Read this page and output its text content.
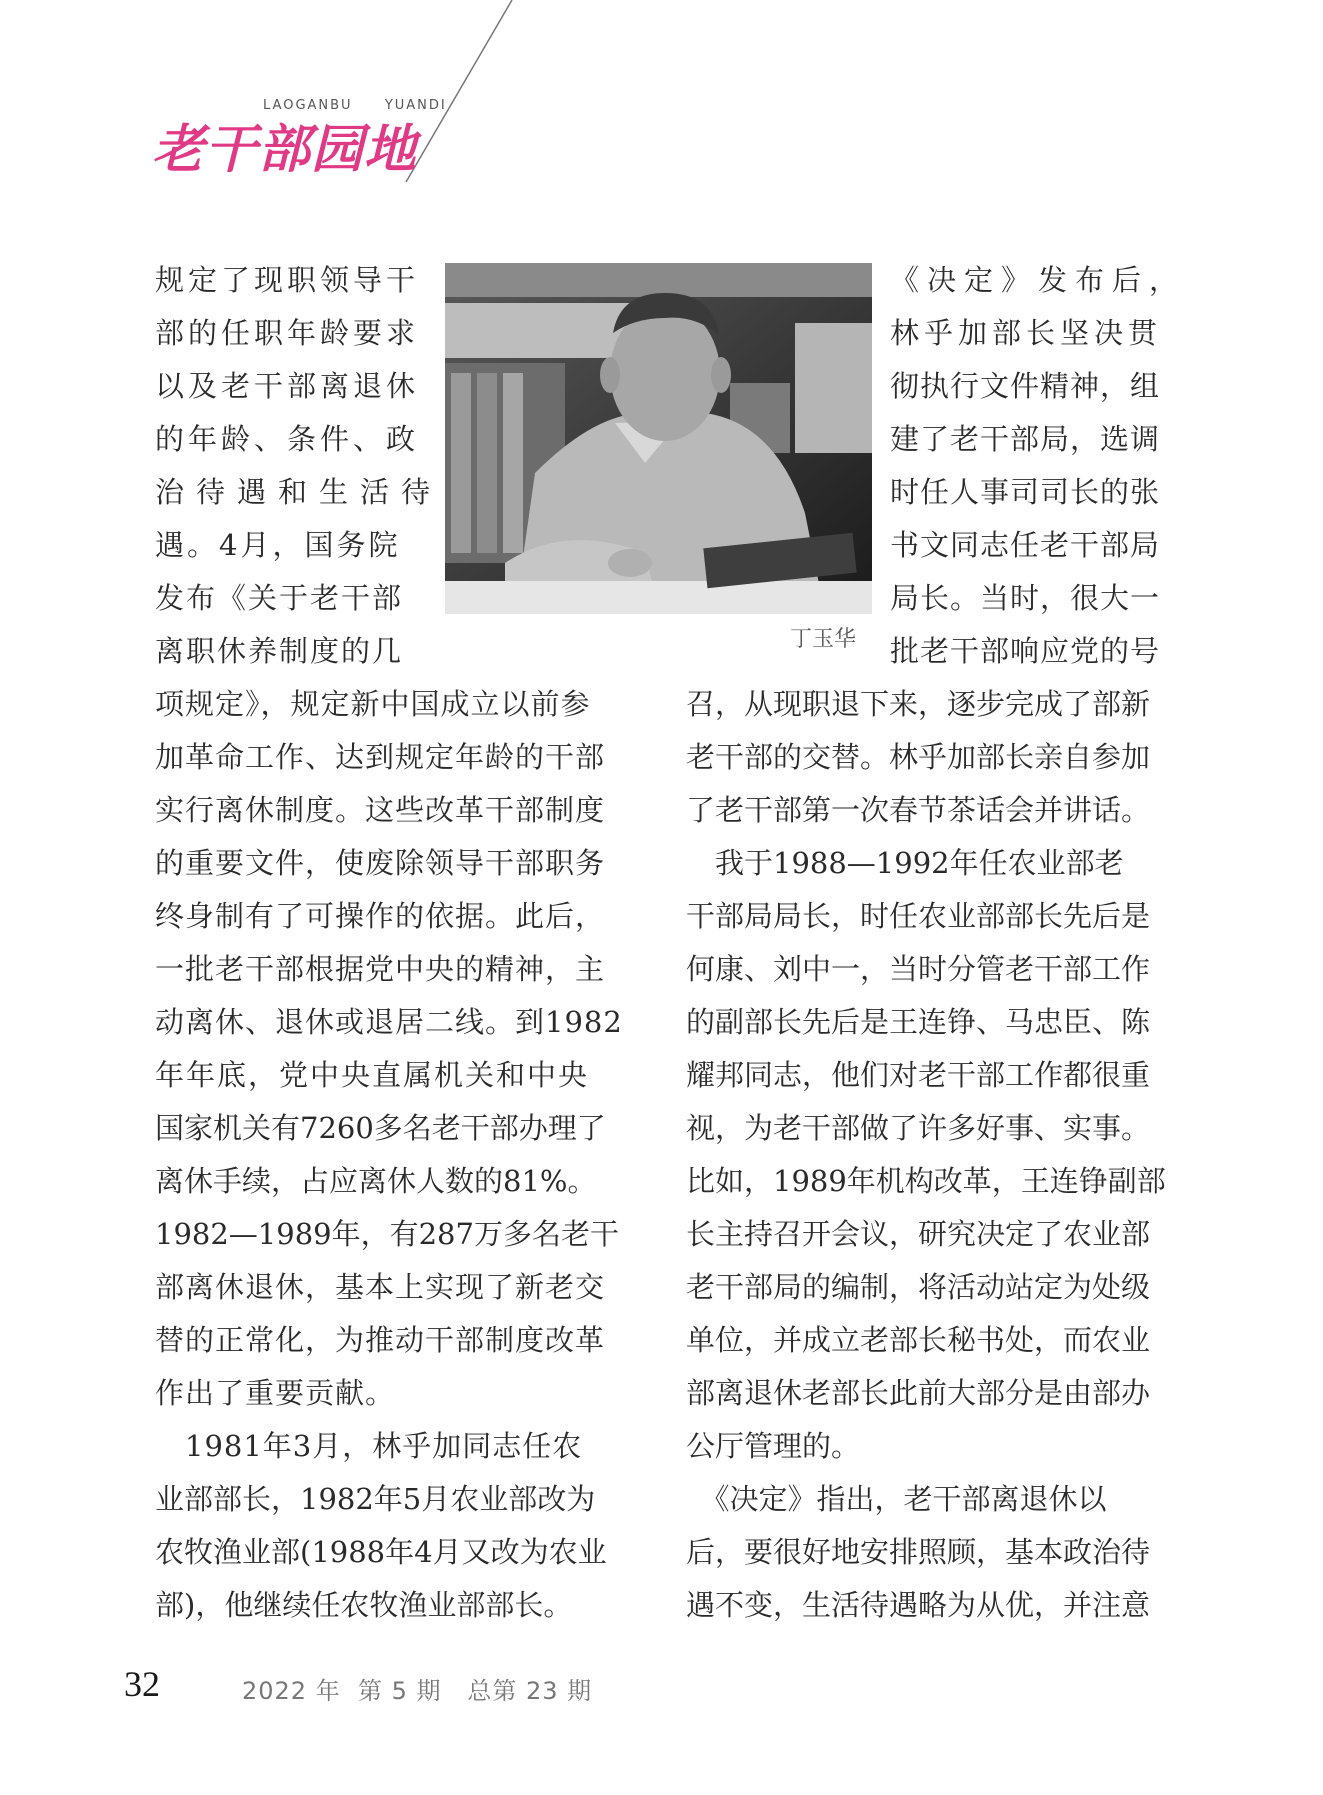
LAOGANBU  YUANDI
老干部园地
丁玉华
规定了现职领导干
部的任职年龄要求
以及老干部离退休
的年龄、条件、政
治待遇和生活待
遇。4月，国务院
发布《关于老干部
离职休养制度的几
项规定》，规定新中国成立以前参
加革命工作、达到规定年龄的干部
实行离休制度。这些改革干部制度
的重要文件，使废除领导干部职务
终身制有了可操作的依据。此后，
一批老干部根据党中央的精神，主
动离休、退休或退居二线。到1982
年年底，党中央直属机关和中央
国家机关有7260多名老干部办理了
离休手续，占应离休人数的81%。
1982—1989年，有287万多名老干
部离休退休，基本上实现了新老交
替的正常化，为推动干部制度改革
作出了重要贡献。
　1981年3月，林乎加同志任农
业部部长，1982年5月农业部改为
农牧渔业部(1988年4月又改为农业
部)，他继续任农牧渔业部部长。
《决定》发布后，
林乎加部长坚决贯
彻执行文件精神，组
建了老干部局，选调
时任人事司司长的张
书文同志任老干部局
局长。当时，很大一
批老干部响应党的号
召，从现职退下来，逐步完成了部新
老干部的交替。林乎加部长亲自参加
了老干部第一次春节茶话会并讲话。
　我于1988—1992年任农业部老
干部局局长，时任农业部部长先后是
何康、刘中一，当时分管老干部工作
的副部长先后是王连铮、马忠臣、陈
耀邦同志，他们对老干部工作都很重
视，为老干部做了许多好事、实事。
比如，1989年机构改革，王连铮副部
长主持召开会议，研究决定了农业部
老干部局的编制，将活动站定为处级
单位，并成立老部长秘书处，而农业
部离退休老部长此前大部分是由部办
公厅管理的。
　《决定》指出，老干部离退休以
后，要很好地安排照顾，基本政治待
遇不变，生活待遇略为从优，并注意
32	2022 年  第 5 期   总第 23 期
